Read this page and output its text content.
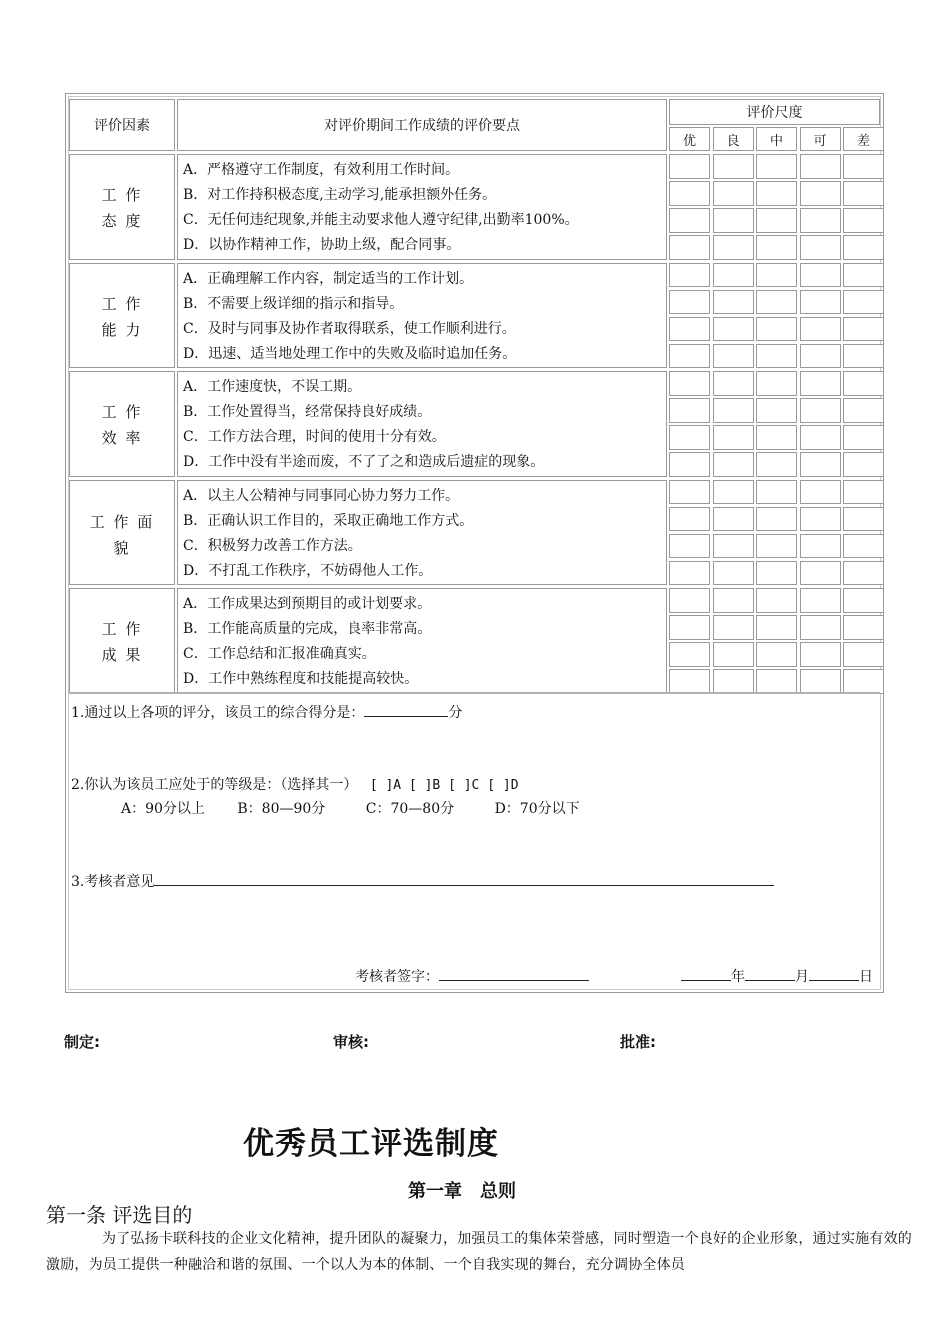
评价因素	对评价期间工作成绩的评价要点
评价尺度
优	良	中	可	差
工 作
态 度
A．严格遵守工作制度，有效利用工作时间。
B．对工作持积极态度,主动学习,能承担额外任务。
C．无任何违纪现象,并能主动要求他人遵守纪律,出勤率100%。
D．以协作精神工作，协助上级，配合同事。
工 作
能 力
A．正确理解工作内容，制定适当的工作计划。
B．不需要上级详细的指示和指导。
C．及时与同事及协作者取得联系，使工作顺利进行。
D．迅速、适当地处理工作中的失败及临时追加任务。
工 作
效 率
A．工作速度快，不误工期。
B．工作处置得当，经常保持良好成绩。
C．工作方法合理，时间的使用十分有效。
D．工作中没有半途而废，不了了之和造成后遗症的现象。
工 作 面
貌
A．以主人公精神与同事同心协力努力工作。
B．正确认识工作目的，采取正确地工作方式。
C．积极努力改善工作方法。
D．不打乱工作秩序，不妨碍他人工作。
工 作
成 果
A．工作成果达到预期目的或计划要求。
B．工作能高质量的完成，良率非常高。
C．工作总结和汇报准确真实。
D．工作中熟练程度和技能提高较快。
1.通过以上各项的评分，该员工的综合得分是：	分
2.你认为该员工应处于的等级是：（选择其一） [ ]A [ ]B [ ]C [ ]D
A：90分以上 B：80—90分	C：70—80分	D：70分以下
3.考核者意见
考核者签字：	年	月	日
制定:	审核:	批准:
优秀员工评选制度
第一章　总则
第一条 评选目的
为了弘扬卡联科技的企业文化精神，提升团队的凝聚力，加强员工的集体荣誉感，同时塑造一个良好的企业形象，通过实施有效的激励，为员工提供一种融洽和谐的氛围、一个以人为本的体制、一个自我实现的舞台，充分调协全体员
